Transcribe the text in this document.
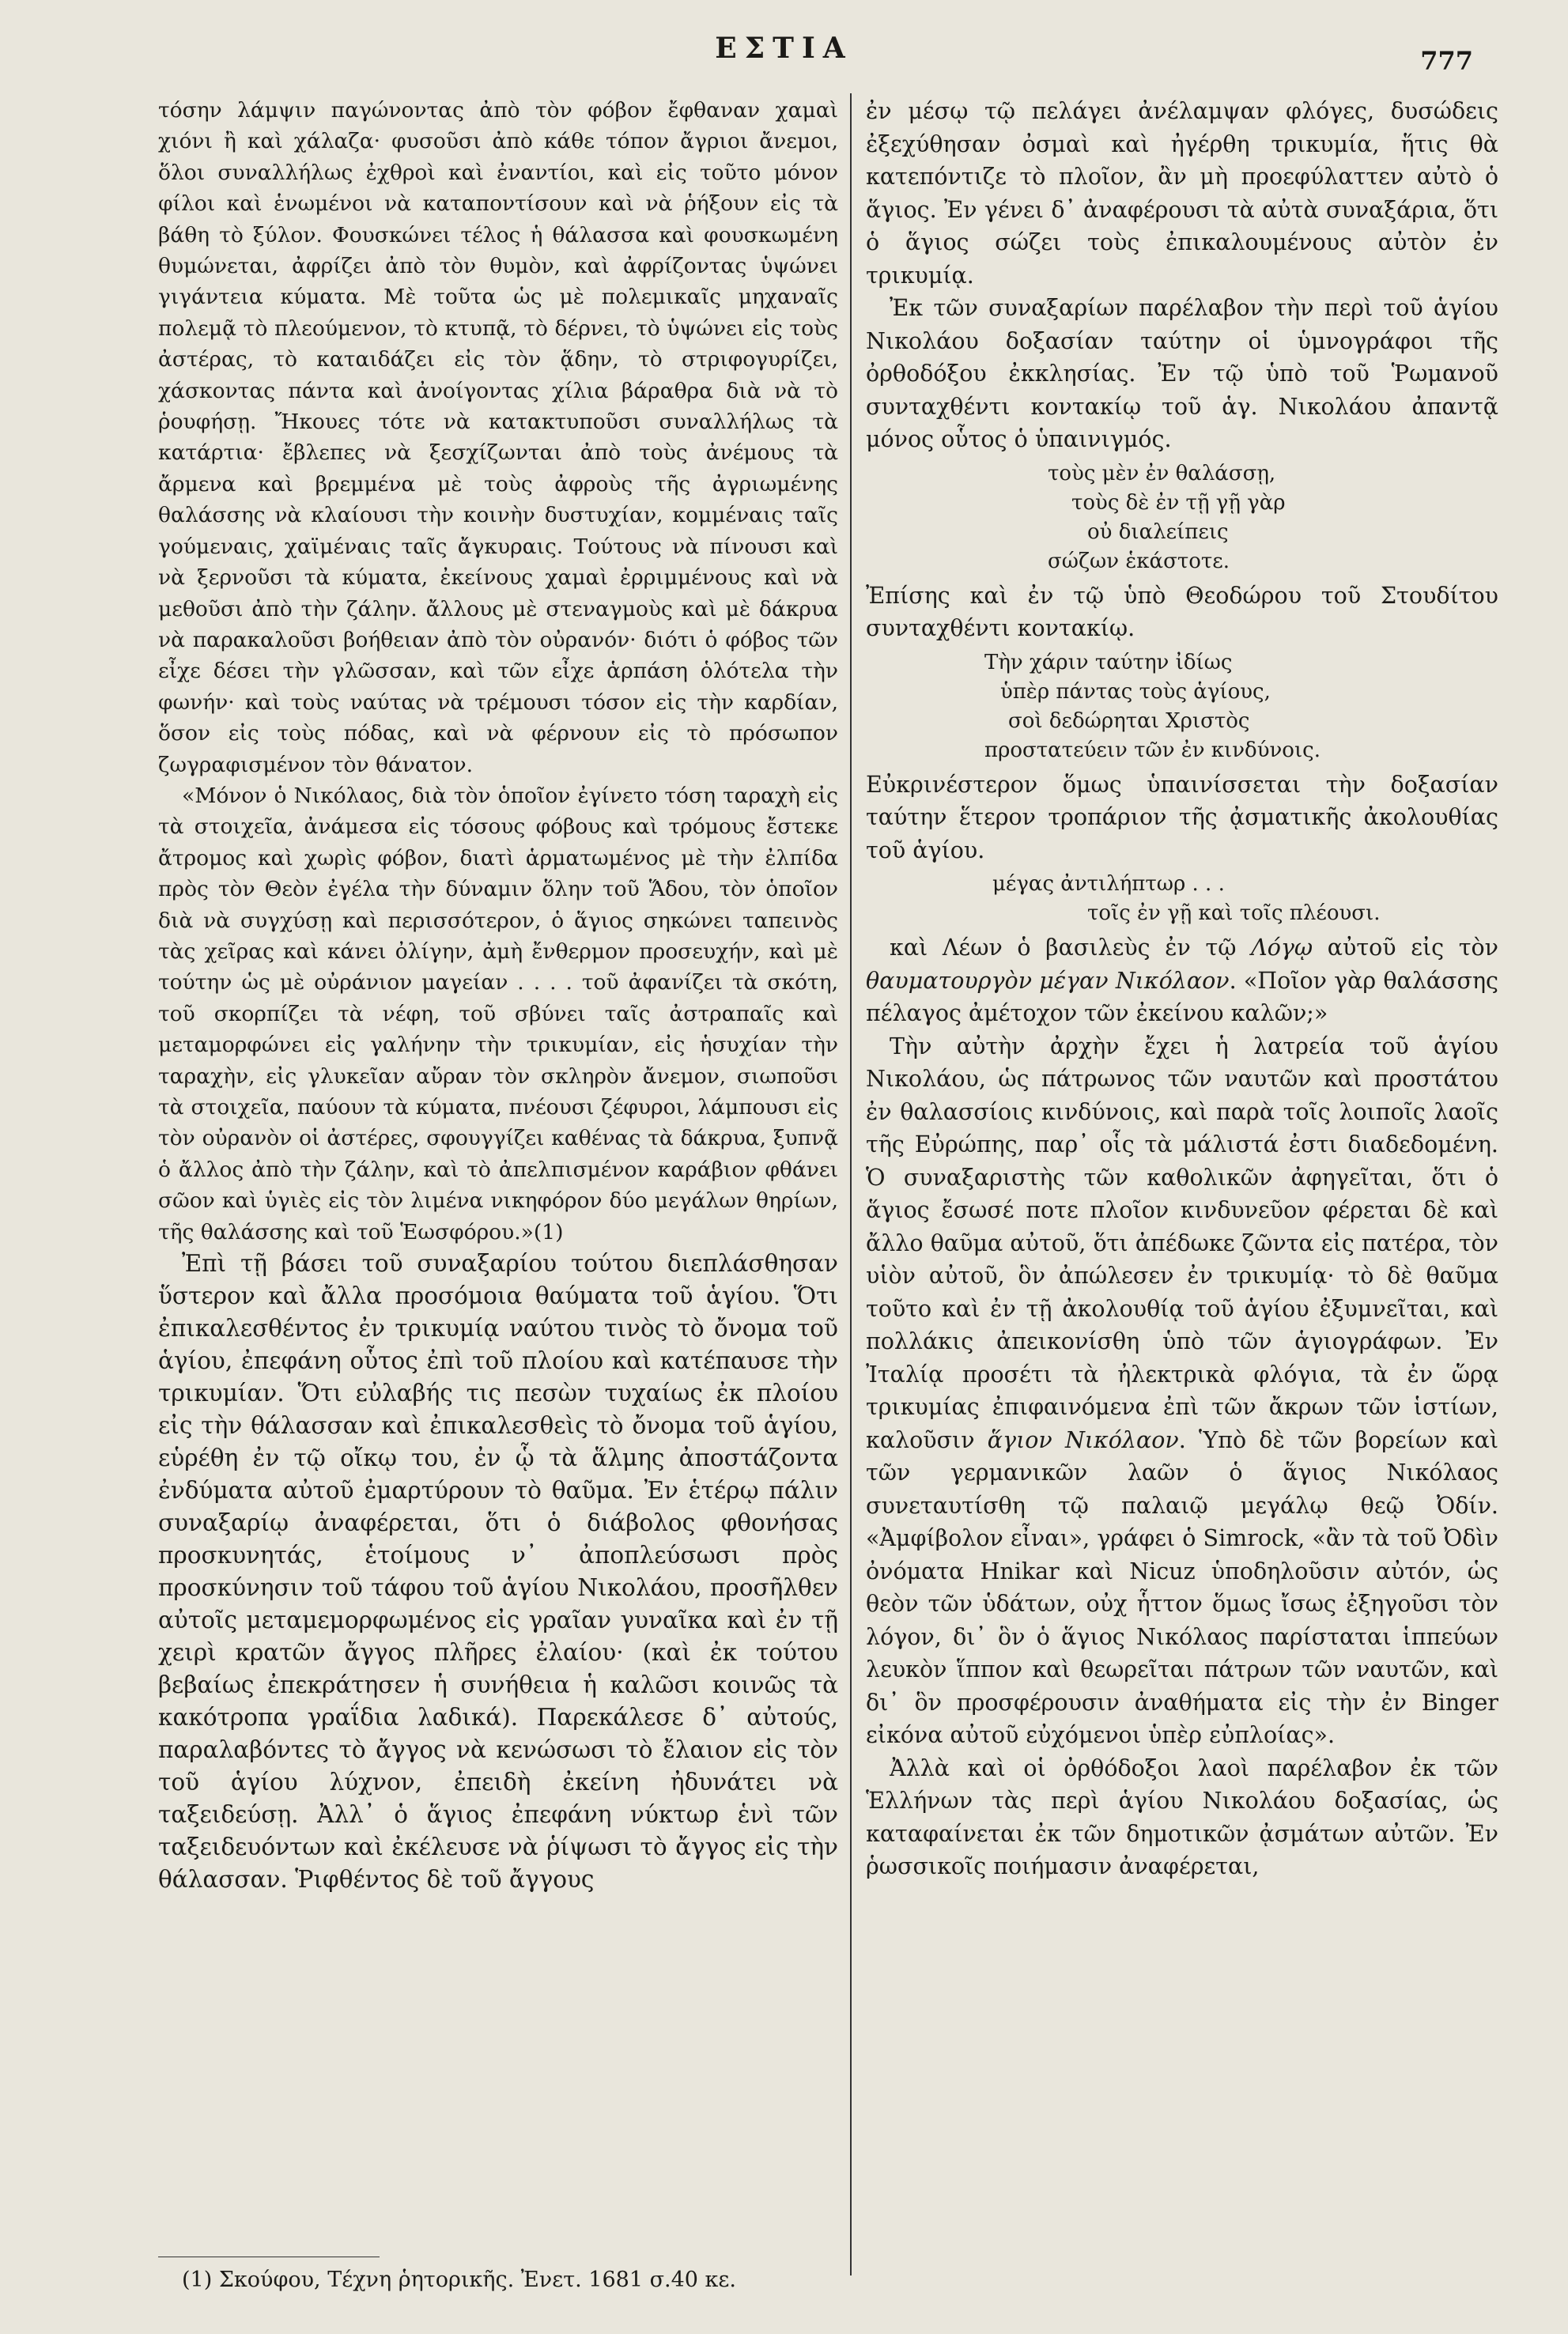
ΕΣΤΙΑ	777

τόσην λάμψιν παγώνοντας ἀπὸ τὸν φόβον ἔφθαναν χαμαὶ χιόνι ἢ καὶ χάλαζα· φυσοῦσι ἀπὸ κάθε τόπον ἄγριοι ἄνεμοι, ὅλοι συναλλήλως ἐχθροὶ καὶ ἐναντίοι, καὶ εἰς τοῦτο μόνον φίλοι καὶ ἑνωμένοι νὰ καταποντίσουν καὶ νὰ ῥήξουν εἰς τὰ βάθη τὸ ξύλον. Φουσκώνει τέλος ἡ θάλασσα καὶ φουσκωμένη θυμώνεται, ἀφρίζει ἀπὸ τὸν θυμὸν, καὶ ἀφρίζοντας ὑψώνει γιγάντεια κύματα. Μὲ τοῦτα ὡς μὲ πολεμικαῖς μηχαναῖς πολεμᾷ τὸ πλεούμενον, τὸ κτυπᾷ, τὸ δέρνει, τὸ ὑψώνει εἰς τοὺς ἀστέρας, τὸ καταιδάζει εἰς τὸν ᾅδην, τὸ στριφογυρίζει, χάσκοντας πάντα καὶ ἀνοίγοντας χίλια βάραθρα διὰ νὰ τὸ ῥουφήσῃ. Ἤκουες τότε νὰ κατακτυποῦσι συναλλήλως τὰ κατάρτια· ἔβλεπες νὰ ξεσχίζωνται ἀπὸ τοὺς ἀνέμους τὰ ἄρμενα καὶ βρεμμένα μὲ τοὺς ἀφροὺς τῆς ἀγριωμένης θαλάσσης νὰ κλαίουσι τὴν κοινὴν δυστυχίαν, κομμέναις ταῖς γούμεναις, χαϊμέναις ταῖς ἄγκυραις. Τούτους νὰ πίνουσι καὶ νὰ ξερνοῦσι τὰ κύματα, ἐκείνους χαμαὶ ἐρριμμένους καὶ νὰ μεθοῦσι ἀπὸ τὴν ζάλην. ἄλλους μὲ στεναγμοὺς καὶ μὲ δάκρυα νὰ παρακαλοῦσι βοήθειαν ἀπὸ τὸν οὐρανόν· διότι ὁ φόβος τῶν εἶχε δέσει τὴν γλῶσσαν, καὶ τῶν εἶχε ἁρπάση ὁλότελα τὴν φωνήν· καὶ τοὺς ναύτας νὰ τρέμουσι τόσον εἰς τὴν καρδίαν, ὅσον εἰς τοὺς πόδας, καὶ νὰ φέρνουν εἰς τὸ πρόσωπον ζωγραφισμένον τὸν θάνατον.

«Μόνον ὁ Νικόλαος, διὰ τὸν ὁποῖον ἐγίνετο τόση ταραχὴ εἰς τὰ στοιχεῖα, ἀνάμεσα εἰς τόσους φόβους καὶ τρόμους ἔστεκε ἄτρομος καὶ χωρὶς φόβον, διατὶ ἁρματωμένος μὲ τὴν ἐλπίδα πρὸς τὸν Θεὸν ἐγέλα τὴν δύναμιν ὅλην τοῦ Ἅδου, τὸν ὁποῖον διὰ νὰ συγχύσῃ καὶ περισσότερον, ὁ ἅγιος σηκώνει ταπεινὸς τὰς χεῖρας καὶ κάνει ὀλίγην, ἀμὴ ἔνθερμον προσευχήν, καὶ μὲ τούτην ὡς μὲ οὐράνιον μαγείαν . . . . τοῦ ἀφανίζει τὰ σκότη, τοῦ σκορπίζει τὰ νέφη, τοῦ σβύνει ταῖς ἀστραπαῖς καὶ μεταμορφώνει εἰς γαλήνην τὴν τρικυμίαν, εἰς ἡσυχίαν τὴν ταραχὴν, εἰς γλυκεῖαν αὔραν τὸν σκληρὸν ἄνεμον, σιωποῦσι τὰ στοιχεῖα, παύουν τὰ κύματα, πνέουσι ζέφυροι, λάμπουσι εἰς τὸν οὐρανὸν οἱ ἀστέρες, σφουγγίζει καθένας τὰ δάκρυα, ξυπνᾷ ὁ ἄλλος ἀπὸ τὴν ζάλην, καὶ τὸ ἀπελπισμένον καράβιον φθάνει σῶον καὶ ὑγιὲς εἰς τὸν λιμένα νικηφόρον δύο μεγάλων θηρίων, τῆς θαλάσσης καὶ τοῦ Ἑωσφόρου.»(1)

Ἐπὶ τῇ βάσει τοῦ συναξαρίου τούτου διεπλάσθησαν ὕστερον καὶ ἄλλα προσόμοια θαύματα τοῦ ἁγίου. Ὅτι ἐπικαλεσθέντος ἐν τρικυμίᾳ ναύτου τινὸς τὸ ὄνομα τοῦ ἁγίου, ἐπεφάνη οὗτος ἐπὶ τοῦ πλοίου καὶ κατέπαυσε τὴν τρικυμίαν. Ὅτι εὐλαβής τις πεσὼν τυχαίως ἐκ πλοίου εἰς τὴν θάλασσαν καὶ ἐπικαλεσθεὶς τὸ ὄνομα τοῦ ἁγίου, εὑρέθη ἐν τῷ οἴκῳ του, ἐν ᾧ τὰ ἅλμης ἀποστάζοντα ἐνδύματα αὐτοῦ ἐμαρτύρουν τὸ θαῦμα. Ἐν ἑτέρῳ πάλιν συναξαρίῳ ἀναφέρεται, ὅτι ὁ διάβολος φθονήσας προσκυνητάς, ἑτοίμους ν᾽ ἀποπλεύσωσι πρὸς προσκύνησιν τοῦ τάφου τοῦ ἁγίου Νικολάου, προσῆλθεν αὐτοῖς μεταμεμορφωμένος εἰς γραῖαν γυναῖκα καὶ ἐν τῇ χειρὶ κρατῶν ἄγγος πλῆρες ἐλαίου· (καὶ ἐκ τούτου βεβαίως ἐπεκράτησεν ἡ συνήθεια ἡ καλῶσι κοινῶς τὰ κακότροπα γραΐδια λαδικά). Παρεκάλεσε δ᾽ αὐτούς, παραλαβόντες τὸ ἄγγος νὰ κενώσωσι τὸ ἔλαιον εἰς τὸν τοῦ ἁγίου λύχνον, ἐπειδὴ ἐκείνη ἠδυνάτει νὰ ταξειδεύσῃ. Ἀλλ᾽ ὁ ἅγιος ἐπεφάνη νύκτωρ ἑνὶ τῶν ταξειδευόντων καὶ ἐκέλευσε νὰ ῥίψωσι τὸ ἄγγος εἰς τὴν θάλασσαν. Ῥιφθέντος δὲ τοῦ ἄγγους

(1) Σκούφου, Τέχνη ῥητορικῆς. Ἐνετ. 1681 σ.40 κε.

ἐν μέσῳ τῷ πελάγει ἀνέλαμψαν φλόγες, δυσώδεις ἐξεχύθησαν ὀσμαὶ καὶ ἠγέρθη τρικυμία, ἥτις θὰ κατεπόντιζε τὸ πλοῖον, ἂν μὴ προεφύλαττεν αὐτὸ ὁ ἅγιος. Ἐν γένει δ᾽ ἀναφέρουσι τὰ αὐτὰ συναξάρια, ὅτι ὁ ἅγιος σώζει τοὺς ἐπικαλουμένους αὐτὸν ἐν τρικυμίᾳ.

Ἐκ τῶν συναξαρίων παρέλαβον τὴν περὶ τοῦ ἁγίου Νικολάου δοξασίαν ταύτην οἱ ὑμνογράφοι τῆς ὀρθοδόξου ἐκκλησίας. Ἐν τῷ ὑπὸ τοῦ Ῥωμανοῦ συνταχθέντι κοντακίῳ τοῦ ἁγ. Νικολάου ἀπαντᾷ μόνος οὗτος ὁ ὑπαινιγμός.

τοὺς μὲν ἐν θαλάσσῃ,
τοὺς δὲ ἐν τῇ γῇ γὰρ
οὐ διαλείπεις
σώζων ἑκάστοτε.

Ἐπίσης καὶ ἐν τῷ ὑπὸ Θεοδώρου τοῦ Στουδίτου συνταχθέντι κοντακίῳ.

Τὴν χάριν ταύτην ἰδίως
ὑπὲρ πάντας τοὺς ἁγίους,
σοὶ δεδώρηται Χριστὸς
προστατεύειν τῶν ἐν κινδύνοις.

Εὐκρινέστερον ὅμως ὑπαινίσσεται τὴν δοξασίαν ταύτην ἕτερον τροπάριον τῆς ᾀσματικῆς ἀκολουθίας τοῦ ἁγίου.

μέγας ἀντιλήπτωρ . . .
τοῖς ἐν γῇ καὶ τοῖς πλέουσι.

καὶ Λέων ὁ βασιλεὺς ἐν τῷ Λόγῳ αὐτοῦ εἰς τὸν θαυματουργὸν μέγαν Νικόλαον. «Ποῖον γὰρ θαλάσσης πέλαγος ἀμέτοχον τῶν ἐκείνου καλῶν;»

Τὴν αὐτὴν ἀρχὴν ἔχει ἡ λατρεία τοῦ ἁγίου Νικολάου, ὡς πάτρωνος τῶν ναυτῶν καὶ προστάτου ἐν θαλασσίοις κινδύνοις, καὶ παρὰ τοῖς λοιποῖς λαοῖς τῆς Εὐρώπης, παρ᾽ οἷς τὰ μάλιστά ἐστι διαδεδομένη. Ὁ συναξαριστὴς τῶν καθολικῶν ἀφηγεῖται, ὅτι ὁ ἅγιος ἔσωσέ ποτε πλοῖον κινδυνεῦον φέρεται δὲ καὶ ἄλλο θαῦμα αὐτοῦ, ὅτι ἀπέδωκε ζῶντα εἰς πατέρα, τὸν υἱὸν αὐτοῦ, ὃν ἀπώλεσεν ἐν τρικυμίᾳ· τὸ δὲ θαῦμα τοῦτο καὶ ἐν τῇ ἀκολουθίᾳ τοῦ ἁγίου ἐξυμνεῖται, καὶ πολλάκις ἀπεικονίσθη ὑπὸ τῶν ἁγιογράφων. Ἐν Ἰταλίᾳ προσέτι τὰ ἠλεκτρικὰ φλόγια, τὰ ἐν ὥρᾳ τρικυμίας ἐπιφαινόμενα ἐπὶ τῶν ἄκρων τῶν ἱστίων, καλοῦσιν ἅγιον Νικόλαον. Ὑπὸ δὲ τῶν βορείων καὶ τῶν γερμανικῶν λαῶν ὁ ἅγιος Νικόλαος συνεταυτίσθη τῷ παλαιῷ μεγάλῳ θεῷ Ὀδίν. «Ἀμφίβολον εἶναι», γράφει ὁ Simrock, «ἂν τὰ τοῦ Ὀδὶν ὀνόματα Hnikar καὶ Nicuz ὑποδηλοῦσιν αὐτόν, ὡς θεὸν τῶν ὑδάτων, οὐχ ἧττον ὅμως ἴσως ἐξηγοῦσι τὸν λόγον, δι᾽ ὃν ὁ ἅγιος Νικόλαος παρίσταται ἱππεύων λευκὸν ἵππον καὶ θεωρεῖται πάτρων τῶν ναυτῶν, καὶ δι᾽ ὃν προσφέρουσιν ἀναθήματα εἰς τὴν ἐν Binger εἰκόνα αὐτοῦ εὐχόμενοι ὑπὲρ εὐπλοίας».

Ἀλλὰ καὶ οἱ ὀρθόδοξοι λαοὶ παρέλαβον ἐκ τῶν Ἑλλήνων τὰς περὶ ἁγίου Νικολάου δοξασίας, ὡς καταφαίνεται ἐκ τῶν δημοτικῶν ᾀσμάτων αὐτῶν. Ἐν ῥωσσικοῖς ποιήμασιν ἀναφέρεται,
